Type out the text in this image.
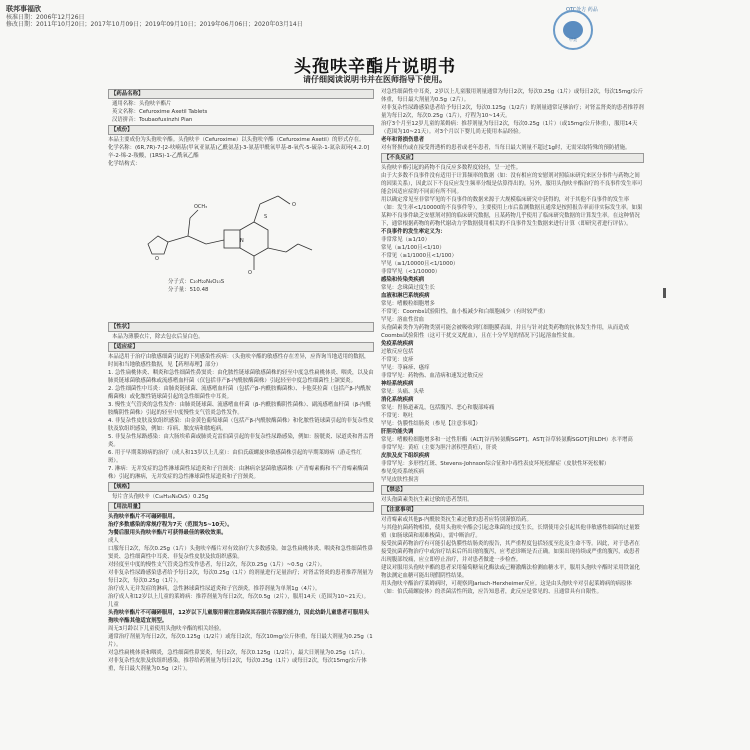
联邦事福欣
核准日期：2006年12月26日
修改日期：2011年10月20日；2017年10月09日；2019年09月10日；2019年06月06日；2020年03月14日
OTC处方 药品
甲类
头孢呋辛酯片说明书
请仔细阅读说明书并在医师指导下使用。
【药品名称】

通用名称：头孢呋辛酯片

英文名称：Cefuroxime Axetil Tablets

汉语拼音：Toubaofuxinzhi Pian

【成份】

本品主要成份为头孢呋辛酯。头孢呋辛（Cefuroxime）以头孢呋辛酯（Cefuroxime Axetil）的形式存在。

化学名称：(6R,7R)-7-[2-呋喃基(甲氧亚氨基)乙酰氨基]-3-氨基甲酰氧甲基-8-氧代-5-硫杂-1-氮杂双环[4.2.0]辛-2-烯-2-羧酸，(1RS)-1-乙酰氧乙酯

化学结构式：

O
OCH₃
N
S
O
O
分子式：C₂₀H₂₂N₄O₁₀S
分子量：510.48
【性状】

本品为薄膜衣片，除去包衣后显白色。

【适应症】

本品适用于治疗由敏感细菌引起的下列感染性疾病：（头孢呋辛酯的敏感性存在差异，应咨询当地适用的数据，时间和当地敏感性数据，见【药理毒理】部分）

1. 急性扁桃体炎、咽炎和急性细菌性鼻窦炎：由化脓性链球菌敏感菌株的轻至中度急性扁桃体炎、咽炎，以及由肺炎链球菌敏感菌株或流感嗜血杆菌（仅包括非产β-内酰胺酶菌株）引起轻至中度急性细菌性上颌窦炎。

2. 急性细菌性中耳炎：由肺炎链球菌、流感嗜血杆菌（包括产β-内酰胺酶菌株）、卡他莫拉菌（包括产β-内酰胺酶菌株）或化脓性链球菌引起的急性细菌性中耳炎。

3. 慢性支气管炎的急性发作：由肺炎链球菌、流感嗜血杆菌（β-内酰胺酶阴性菌株）、副流感嗜血杆菌（β-内酰胺酶阴性菌株）引起的轻至中度慢性支气管炎急性发作。

4. 非复杂性皮肤及软组织感染：由金黄色葡萄球菌（包括产β-内酰胺酶菌株）和化脓性链球菌引起的非复杂性皮肤及软组织感染，例如：疖病、脓皮病和脓疱病。

5. 非复杂性尿路感染：由大肠埃希菌或肺炎克雷伯菌引起的非复杂性尿路感染，例如：膀胱炎、尿道炎和肾盂肾炎。

6. 用于早期莱姆病的治疗（成人和13岁以上儿童）：由伯氏疏螺旋体敏感菌株引起的早期莱姆病（游走性红斑）。

7. 淋病：无并发症的急性淋球菌性尿道炎和子宫颈炎：由淋病奈瑟菌敏感菌株（产青霉素酶和不产青霉素酶菌株）引起的淋病，无并发症的急性淋球菌性尿道炎和子宫颈炎。

【规格】

每片含头孢呋辛（C₁₆H₁₆N₄O₈S）0.25g

【用法用量】

头孢呋辛酯片不可碾碎服用。

治疗多数感染的常规疗程为7天（范围为5~10天）。

为餐后服用头孢呋辛酯片可获得最佳的吸收效果。

成人

口服每日2次，每次0.25g（1片）头孢呋辛酯片对有效治疗大多数感染。如急性扁桃体炎、咽炎和急性细菌性鼻窦炎、急性细菌性中耳炎、非复杂性皮肤及软组织感染。

对轻度至中度的慢性支气管炎急性发作患者，每日2次，每次0.25g（1片）~0.5g（2片）。

对非复杂性尿路感染患者给予每日2次，每次0.25g（1片）的剂量进行足量治疗；对肾盂肾炎的患者推荐剂量为每日2次，每次0.25g（1片）。

治疗成人无并发症的淋病，急性淋球菌性尿道炎和子宫颈炎，推荐剂量为单剂1g（4片）。

治疗成人和12岁以上儿童的莱姆病：推荐剂量为每日2次，每次0.5g（2片），服用14天（范围为10~21天）。

儿童

头孢呋辛酯片不可碾碎服用，12岁以下儿童服用需注意确保其吞服片吞服的能力，因此幼龄儿童患者可服用头孢呋辛酯其他适宜剂型。

周无3月龄以下儿童使用头孢呋辛酯的相关经验。

通常治疗剂量为每日2次，每次0.125g（1/2片）或每日2次，每次10mg/公斤体重，每日最大剂量为0.25g（1片）。

对急性扁桃体炎和咽炎，急性细菌性鼻窦炎，每日2次，每次0.125g（1/2片），最大日剂量为0.25g（1片）。

对非复杂性皮肤及软组织感染，推荐给药剂量为每日2次，每次0.25g（1片）或每日2次，每次15mg/公斤体重，每日最大剂量为0.5g（2片）。

对急性细菌性中耳炎，2岁以上儿童服用剂量通常为每日2次，每次0.25g（1片）或每日2次，每次15mg/公斤体重，每日最大剂量为0.5g（2片）。

对非复杂性尿路感染患者给予每日2次，每次0.125g（1/2片）的剂量通常足够治疗；对肾盂肾炎的患者推荐剂量为每日2次，每次0.25g（1片），疗程为10~14天。

治疗3个月至12岁儿童的莱姆病：推荐剂量为每日2次，每次0.25g（1片）（或15mg/公斤体重），服用14天（范围为10~21天）。对3个月以下婴儿尚无使用本品经验。

老年和肾损伤患者

对有肾损伤或在接受肾透析的患者或老年患者，当每日最大剂量不超过1g时，无需采取特殊的预防措施。

【不良反应】

头孢呋辛酯引起的药物不良反应多数程度较轻，呈一过性。

由于大多数不良事件没有适用于计算频率的数据（如：没有相应的安慰剂对照临床研究来区分事件与药物之间的因果关系），因此以下不良反应发生频率分级是估算得出的。另外，服用头孢呋辛酯治疗的不良事件发生率可能会因适应症的不同而有所不同。

用以确定常见至非常罕见的不良事件的数据来源于大规模临床研究中获得的，对于其他不良事件的发生率（如：发生率<1/10000的不良事件等），主要使用上市后监测数据且通常是按照报告率而非实际发生率。如果某种不良事件缺乏安慰剂对照的临床研究数据，且某药物几乎使用了临床研究数据的计算发生率。在这种情况下，通常根据药物的药物代谢动力学数据使用相关的不良事件发生数据来进行计算（即研究者进行评估）。

不良事件的发生率定义为：

非常常见（≥1/10）

常见（≥1/100且<1/10）

不常见（≥1/1000且<1/100）

罕见（≥1/10000且<1/1000）

非常罕见（<1/10000）

感染和传染类疾病

常见：念珠菌过度生长

血液和淋巴系统疾病

常见：嗜酸粒细胞增多

不常见：Coombs试验阳性，血小板减少和白细胞减少（有时较严重）

罕见：溶血性贫血

头孢菌素类作为药物类别可能会被吸收到红细胞膜表面，并且与针对此类药物的抗体发生作用，从而造成Coombs试验阳性（这可干扰交叉配血），且在十分罕见的情况下引起溶血性贫血。

免疫系统疾病

过敏反应包括

不常见：皮疹

罕见：荨麻疹、瘙痒

非常罕见：药物热、血清病和速发过敏反应

神经系统疾病

常见：头痛、头晕

消化系统疾病

常见：胃肠道紊乱，包括腹泻、恶心和腹部疼痛

不常见：呕吐

罕见：伪膜性结肠炎（参见【注意事项】）

肝胆功能失调

常见：嗜酸粒细胞增多和一过性肝酶（ALT[谷丙转氨酶SGPT]、AST[谷草转氨酶SGOT]和LDH）水平增高

非常罕见：黄疸（主要为胆汁淤积型黄疸），肝炎

皮肤及皮下组织疾病

非常罕见：多形性红斑、Stevens-Johnson综合征和中毒性表皮坏死松解症（皮肤性坏死松解）

参见免疫系统疾病

罕见皮肤性损害

【禁忌】

对头孢菌素类抗生素过敏的患者禁用。

【注意事项】

对青霉素或其他β-内酰胺类抗生素过敏的患者应特别谨慎给药。

与其他抗菌药物相似，使用头孢呋辛酯会引起念珠菌的过度生长，长期使用会引起其他非敏感性细菌的过量繁殖（如肠球菌和艰难梭菌），需中断治疗。

接受抗菌药物治疗有可能引起伪膜性结肠炎的报告，其严重程度包括轻度至危及生命不等。因此，对于患者在接受抗菌药物治疗中或治疗结束后所出现的腹泻，应考虑诊断是否正确。如果出现持续或严重的腹泻，或患者出现腹部绞痛，应立即停止治疗，并对患者做进一步检查。

建议对服用头孢呋辛酯的患者采用葡萄糖氧化酶法或己糖激酶法检测血糖水平，服用头孢呋辛酯时采用铁氰化物法测定血糖可能出现假阴性结果。

用头孢呋辛酯治疗莱姆病时，可观察到Jarisch-Herxheimer反应。这是由头孢呋辛对引起莱姆病的病原体（如：伯氏疏螺旋体）的杀菌活性所致，应告知患者，此反应是常见的、且通常具有自限性。
